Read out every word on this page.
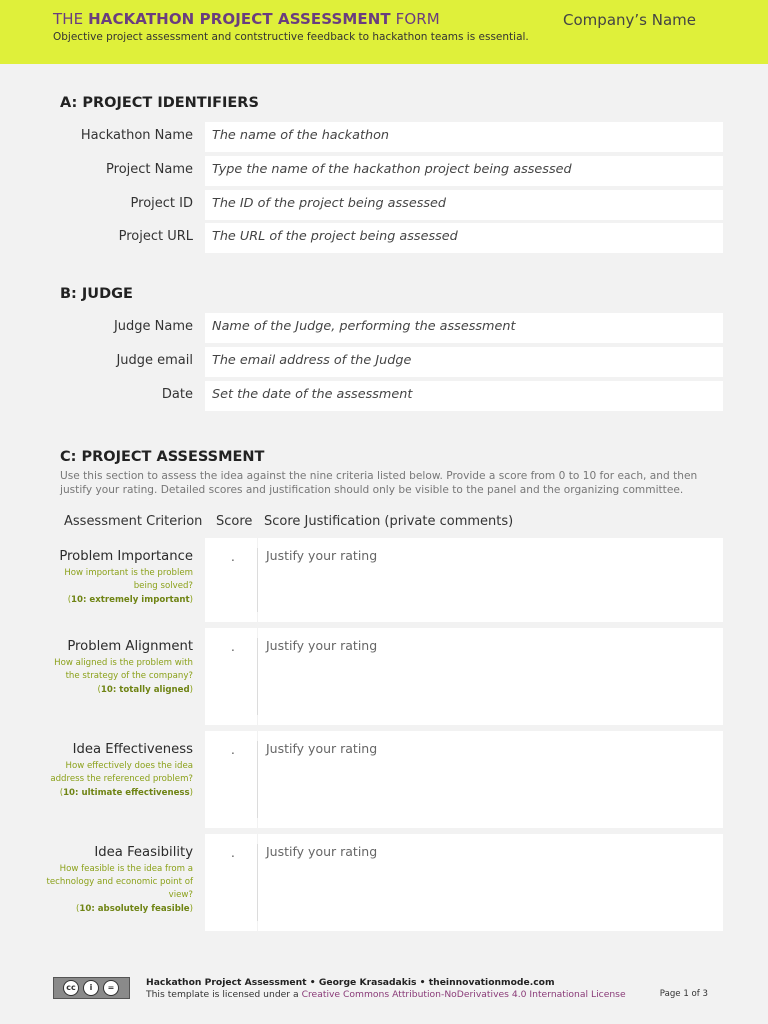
THE HACKATHON PROJECT ASSESSMENT FORM
Objective project assessment and contstructive feedback to hackathon teams is essential.
Company’s Name
A: PROJECT IDENTIFIERS
Hackathon Name The name of the hackathon
Project Name Type the name of the hackathon project being assessed
Project ID The ID of the project being assessed
Project URL The URL of the project being assessed
B: JUDGE
Judge Name Name of the Judge, performing the assessment
Judge email The email address of the Judge
Date Set the date of the assessment
C: PROJECT ASSESSMENT
Use this section to assess the idea against the nine criteria listed below. Provide a score from 0 to 10 for each, and then justify your rating. Detailed scores and justification should only be visible to the panel and the organizing committee.
Assessment Criterion Score Score Justification (private comments)
Problem Importance
How important is the problem being solved?
(10: extremely important)
. Justify your rating
Problem Alignment
How aligned is the problem with the strategy of the company?
(10: totally aligned)
. Justify your rating
Idea Effectiveness
How effectively does the idea address the referenced problem?
(10: ultimate effectiveness)
. Justify your rating
Idea Feasibility
How feasible is the idea from a technology and economic point of view?
(10: absolutely feasible)
. Justify your rating
cc	i	=	Hackathon Project Assessment • George Krasadakis • theinnovationmode.com
This template is licensed under a Creative Commons Attribution-NoDerivatives 4.0 International License	Page 1 of 3
